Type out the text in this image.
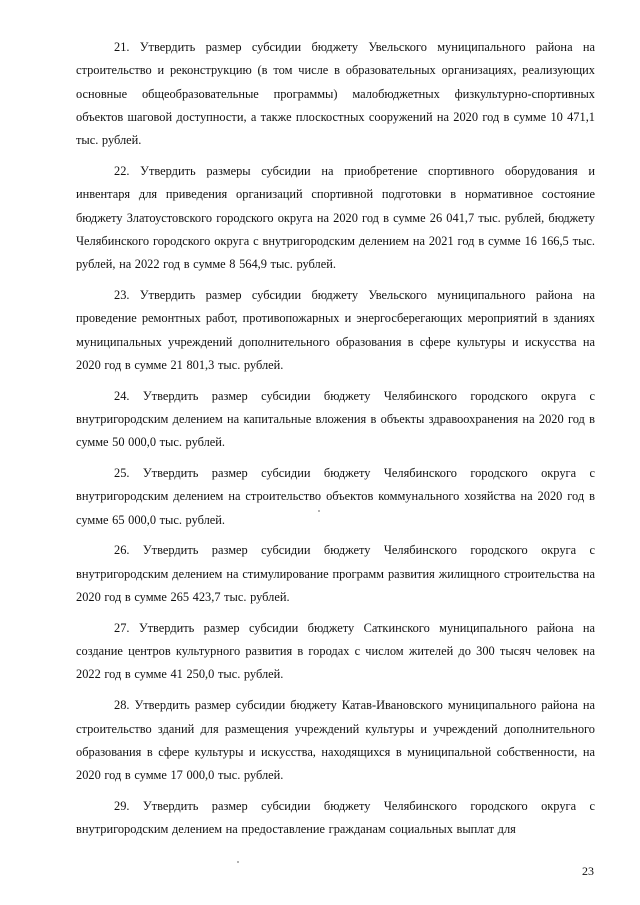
21. Утвердить размер субсидии бюджету Увельского муниципального района на строительство и реконструкцию (в том числе в образовательных организациях, реализующих основные общеобразовательные программы) малобюджетных физкультурно-спортивных объектов шаговой доступности, а также плоскостных сооружений на 2020 год в сумме 10 471,1 тыс. рублей.

22. Утвердить размеры субсидии на приобретение спортивного оборудования и инвентаря для приведения организаций спортивной подготовки в нормативное состояние бюджету Златоустовского городского округа на 2020 год в сумме 26 041,7 тыс. рублей, бюджету Челябинского городского округа с внутригородским делением на 2021 год в сумме 16 166,5 тыс. рублей, на 2022 год в сумме 8 564,9 тыс. рублей.

23. Утвердить размер субсидии бюджету Увельского муниципального района на проведение ремонтных работ, противопожарных и энергосберегающих мероприятий в зданиях муниципальных учреждений дополнительного образования в сфере культуры и искусства на 2020 год в сумме 21 801,3 тыс. рублей.

24. Утвердить размер субсидии бюджету Челябинского городского округа с внутригородским делением на капитальные вложения в объекты здравоохранения на 2020 год в сумме 50 000,0 тыс. рублей.

25. Утвердить размер субсидии бюджету Челябинского городского округа с внутригородским делением на строительство объектов коммунального хозяйства на 2020 год в сумме 65 000,0 тыс. рублей.

26. Утвердить размер субсидии бюджету Челябинского городского округа с внутригородским делением на стимулирование программ развития жилищного строительства на 2020 год в сумме 265 423,7 тыс. рублей.

27. Утвердить размер субсидии бюджету Саткинского муниципального района на создание центров культурного развития в городах с числом жителей до 300 тысяч человек на 2022 год в сумме 41 250,0 тыс. рублей.

28. Утвердить размер субсидии бюджету Катав-Ивановского муниципального района на строительство зданий для размещения учреждений культуры и учреждений дополнительного образования в сфере культуры и искусства, находящихся в муниципальной собственности, на 2020 год в сумме 17 000,0 тыс. рублей.

29. Утвердить размер субсидии бюджету Челябинского городского округа с внутригородским делением на предоставление гражданам социальных выплат для

23
